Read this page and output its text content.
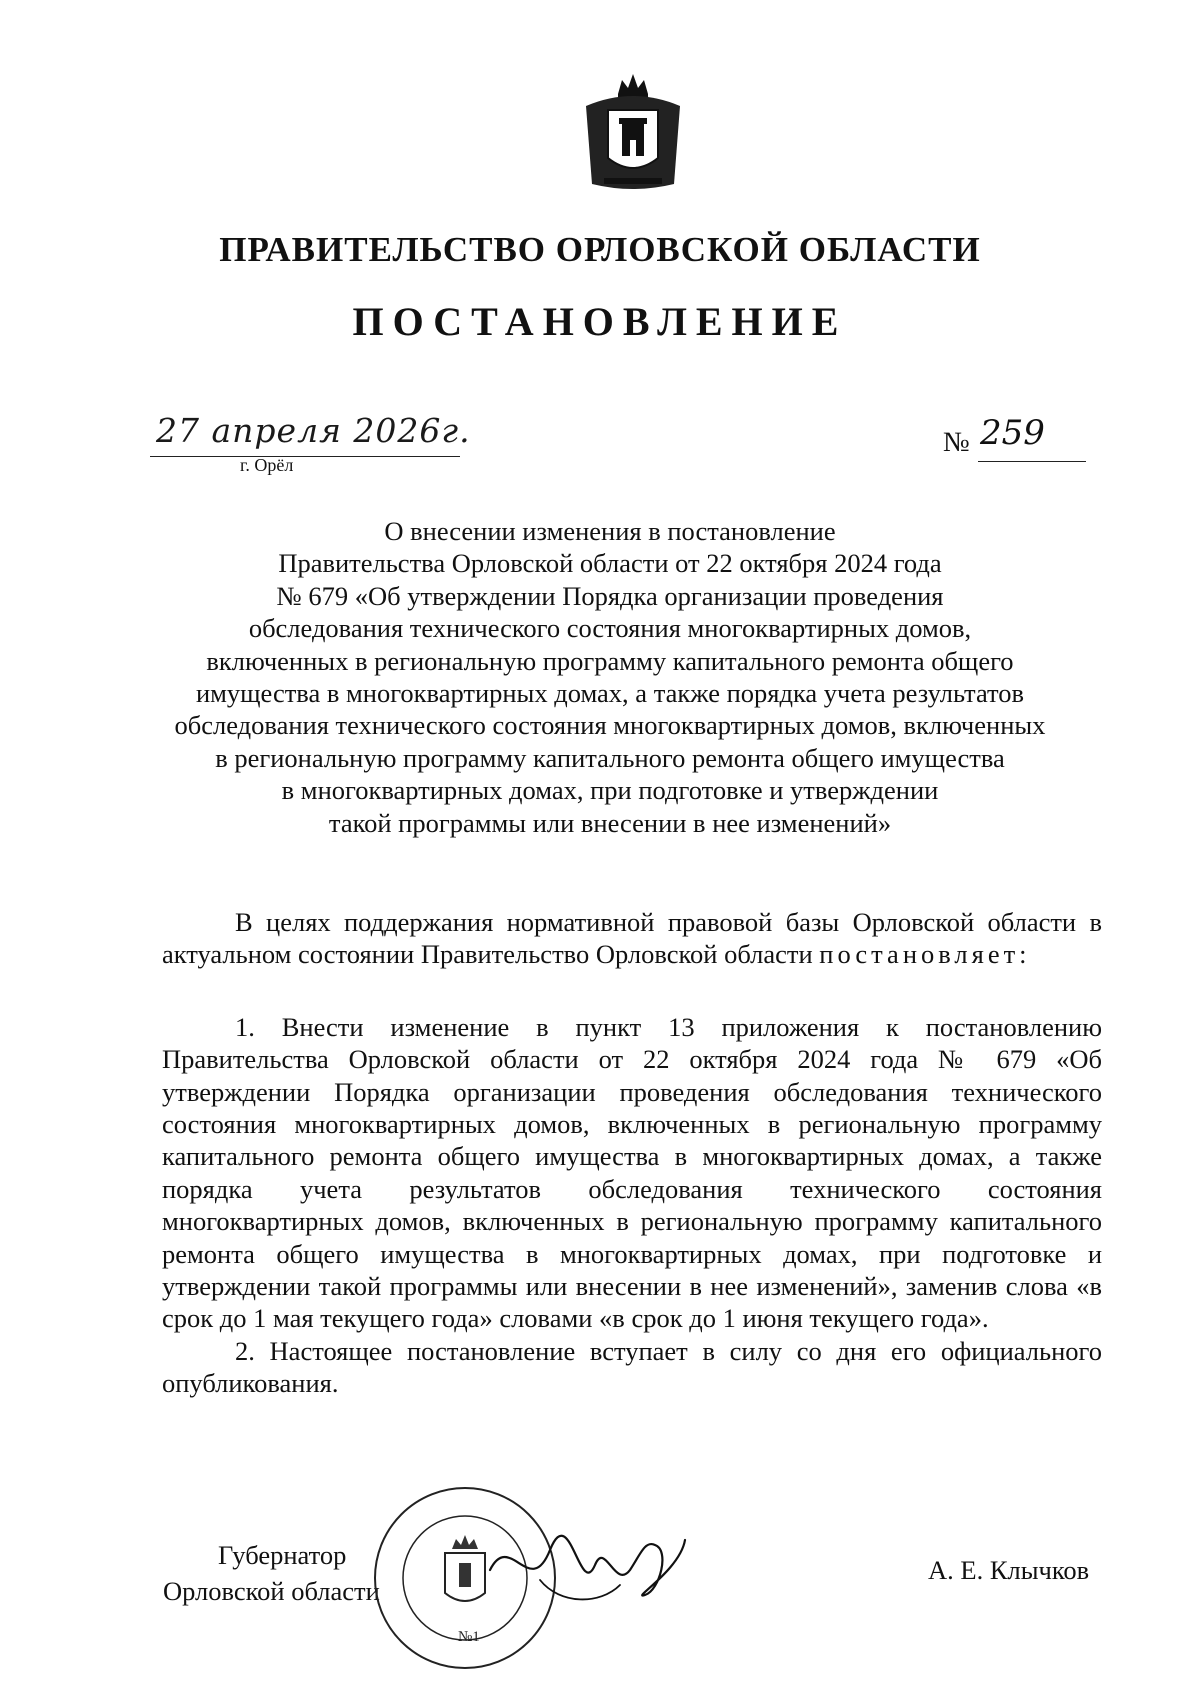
ПРАВИТЕЛЬСТВО ОРЛОВСКОЙ ОБЛАСТИ
ПОСТАНОВЛЕНИЕ
27 апреля 2026г.
г. Орёл
№ 259
О внесении изменения в постановление
Правительства Орловской области от 22 октября 2024 года
№ 679 «Об утверждении Порядка организации проведения
обследования технического состояния многоквартирных домов,
включенных в региональную программу капитального ремонта общего
имущества в многоквартирных домах, а также порядка учета результатов
обследования технического состояния многоквартирных домов, включенных
в региональную программу капитального ремонта общего имущества
в многоквартирных домах, при подготовке и утверждении
такой программы или внесении в нее изменений»

В целях поддержания нормативной правовой базы Орловской области в актуальном состоянии Правительство Орловской области постановляет:

1. Внести изменение в пункт 13 приложения к постановлению Правительства Орловской области от 22 октября 2024 года № 679 «Об утверждении Порядка организации проведения обследования технического состояния многоквартирных домов, включенных в региональную программу капитального ремонта общего имущества в многоквартирных домах, а также порядка учета результатов обследования технического состояния многоквартирных домов, включенных в региональную программу капитального ремонта общего имущества в многоквартирных домах, при подготовке и утверждении такой программы или внесении в нее изменений», заменив слова «в срок до 1 мая текущего года» словами «в срок до 1 июня текущего года».

2. Настоящее постановление вступает в силу со дня его официального опубликования.

Губернатор
Орловской области
№1
А. Е. Клычков
